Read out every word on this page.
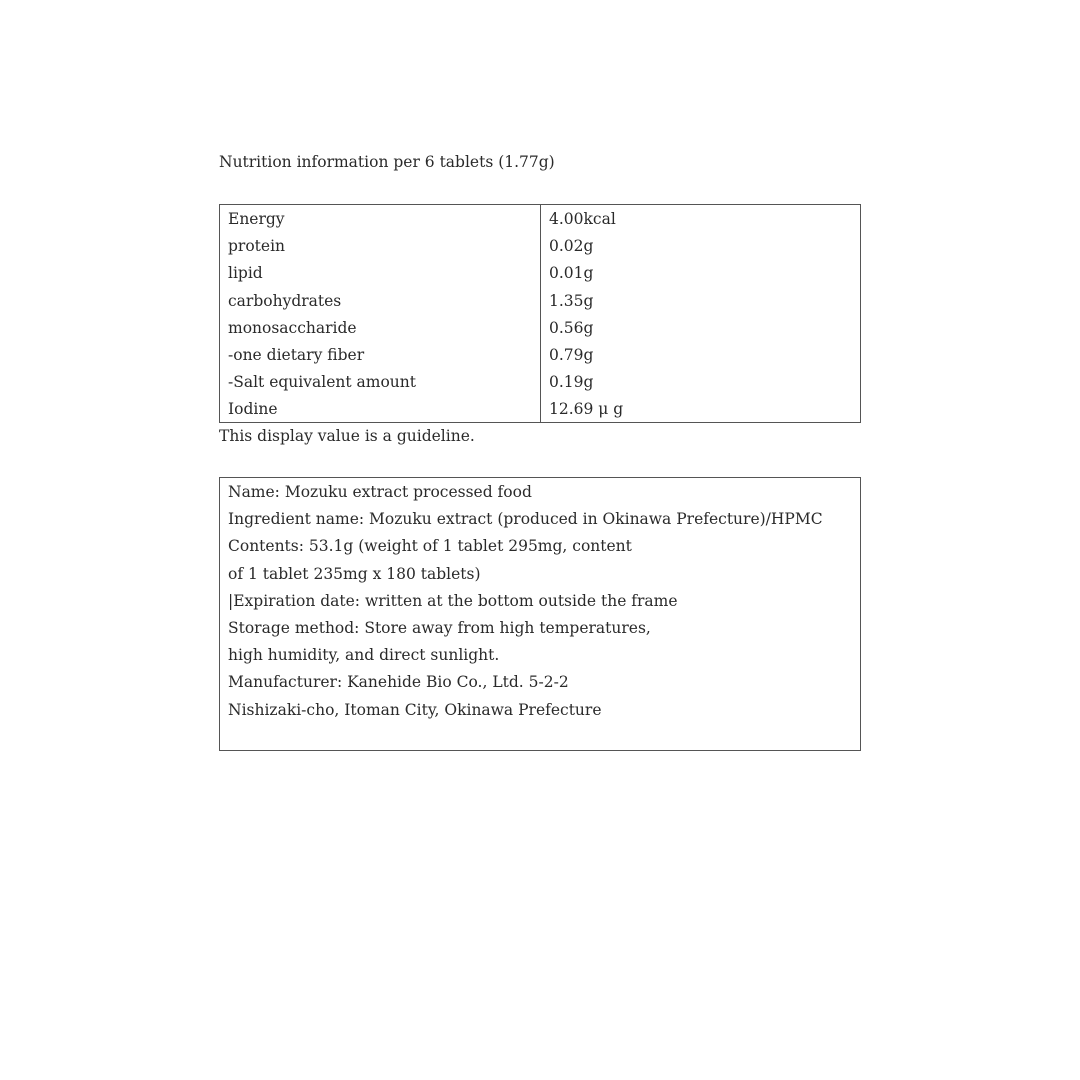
Nutrition information per 6 tablets (1.77g)
Energy
protein
lipid
carbohydrates
monosaccharide
-one dietary fiber
-Salt equivalent amount
Iodine
4.00kcal
0.02g
0.01g
1.35g
0.56g
0.79g
0.19g
12.69 μ g
This display value is a guideline.
Name: Mozuku extract processed food
Ingredient name: Mozuku extract (produced in Okinawa Prefecture)/HPMC
Contents: 53.1g (weight of 1 tablet 295mg, content
of 1 tablet 235mg x 180 tablets)
|Expiration date: written at the bottom outside the frame
Storage method: Store away from high temperatures,
high humidity, and direct sunlight.
Manufacturer: Kanehide Bio Co., Ltd. 5-2-2
Nishizaki-cho, Itoman City, Okinawa Prefecture
